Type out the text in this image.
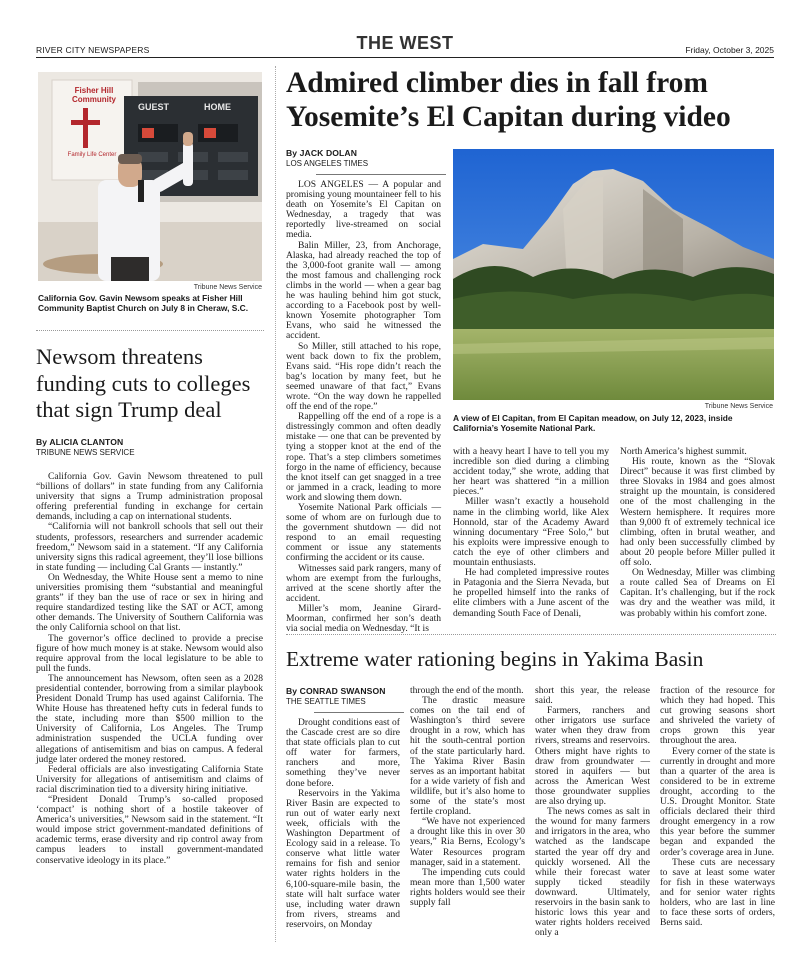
RIVER CITY NEWSPAPERS	THE WEST	Friday, October 3, 2025
Fisher Hill Community
Family Life Center
GUEST	HOME
Tribune News Service
California Gov. Gavin Newsom speaks at Fisher Hill Community Baptist Church on July 8 in Cheraw, S.C.
Newsom threatens funding cuts to colleges that sign Trump deal
By ALICIA CLANTON
TRIBUNE NEWS SERVICE

California Gov. Gavin Newsom threatened to pull “billions of dollars” in state funding from any California university that signs a Trump administration proposal offering preferential funding in exchange for certain demands, including a cap on international students.

“California will not bankroll schools that sell out their students, professors, researchers and surrender academic freedom,” Newsom said in a statement. “If any California university signs this radical agreement, they’ll lose billions in state funding — including Cal Grants — instantly.”

On Wednesday, the White House sent a memo to nine universities promising them “substantial and meaningful grants” if they ban the use of race or sex in hiring and require standardized testing like the SAT or ACT, among other demands. The University of Southern California was the only California school on that list.

The governor’s office declined to provide a precise figure of how much money is at stake. Newsom would also require approval from the local legislature to be able to pull the funds.

The announcement has Newsom, often seen as a 2028 presidential contender, borrowing from a similar playbook President Donald Trump has used against California. The White House has threatened hefty cuts in federal funds to the state, including more than $500 million to the University of California, Los Angeles. The Trump administration suspended the UCLA funding over allegations of antisemitism and bias on campus. A federal judge later ordered the money restored.

Federal officials are also investigating California State University for allegations of antisemitism and claims of racial discrimination tied to a diversity hiring initiative.

“President Donald Trump’s so-called proposed ‘compact’ is nothing short of a hostile takeover of America’s universities,” Newsom said in the statement. “It would impose strict government-mandated definitions of academic terms, erase diversity and rip control away from campus leaders to install government-mandated conservative ideology in its place.”

Admired climber dies in fall from Yosemite’s El Capitan during video
By JACK DOLAN
LOS ANGELES TIMES

LOS ANGELES — A popular and promising young mountaineer fell to his death on Yosemite’s El Capitan on Wednesday, a tragedy that was reportedly live-streamed on social media.

Balin Miller, 23, from Anchorage, Alaska, had already reached the top of the 3,000-foot granite wall — among the most famous and challenging rock climbs in the world — when a gear bag he was hauling behind him got stuck, according to a Facebook post by well-known Yosemite photographer Tom Evans, who said he witnessed the accident.

So Miller, still attached to his rope, went back down to fix the problem, Evans said. “His rope didn’t reach the bag’s location by many feet, but he seemed unaware of that fact,” Evans wrote. “On the way down he rappelled off the end of the rope.”

Rappelling off the end of a rope is a distressingly common and often deadly mistake — one that can be prevented by tying a stopper knot at the end of the rope. That’s a step climbers sometimes forgo in the name of efficiency, because the knot itself can get snagged in a tree or jammed in a crack, leading to more work and slowing them down.

Yosemite National Park officials — some of whom are on furlough due to the government shutdown — did not respond to an email requesting comment or issue any statements confirming the accident or its cause.

Witnesses said park rangers, many of whom are exempt from the furloughs, arrived at the scene shortly after the accident.

Miller’s mom, Jeanine Girard-Moorman, confirmed her son’s death via social media on Wednesday. “It is

Tribune News Service
A view of El Capitan, from El Capitan meadow, on July 12, 2023, inside California’s Yosemite National Park.

with a heavy heart I have to tell you my incredible son died during a climbing accident today,” she wrote, adding that her heart was shattered “in a million pieces.”

Miller wasn’t exactly a household name in the climbing world, like Alex Honnold, star of the Academy Award winning documentary “Free Solo,” but his exploits were impressive enough to catch the eye of other climbers and mountain enthusiasts.

He had completed impressive routes in Patagonia and the Sierra Nevada, but he propelled himself into the ranks of elite climbers with a June ascent of the demanding South Face of Denali,

North America’s highest summit.

His route, known as the “Slovak Direct” because it was first climbed by three Slovaks in 1984 and goes almost straight up the mountain, is considered one of the most challenging in the Western hemisphere. It requires more than 9,000 ft of extremely technical ice climbing, often in brutal weather, and had only been successfully climbed by about 20 people before Miller pulled it off solo.

On Wednesday, Miller was climbing a route called Sea of Dreams on El Capitan. It’s challenging, but if the rock was dry and the weather was mild, it was probably within his comfort zone.

Extreme water rationing begins in Yakima Basin
By CONRAD SWANSON
THE SEATTLE TIMES

Drought conditions east of the Cascade crest are so dire that state officials plan to cut off water for farmers, ranchers and more, something they’ve never done before.

Reservoirs in the Yakima River Basin are expected to run out of water early next week, officials with the Washington Department of Ecology said in a release. To conserve what little water remains for fish and senior water rights holders in the 6,100-square-mile basin, the state will halt surface water use, including water drawn from rivers, streams and reservoirs, on Monday

through the end of the month.

The drastic measure comes on the tail end of Washington’s third severe drought in a row, which has hit the south-central portion of the state particularly hard. The Yakima River Basin serves as an important habitat for a wide variety of fish and wildlife, but it’s also home to some of the state’s most fertile cropland.

“We have not experienced a drought like this in over 30 years,” Ria Berns, Ecology’s Water Resources program manager, said in a statement.

The impending cuts could mean more than 1,500 water rights holders would see their supply fall

short this year, the release said.

Farmers, ranchers and other irrigators use surface water when they draw from rivers, streams and reservoirs. Others might have rights to draw from groundwater — stored in aquifers — but across the American West those groundwater supplies are also drying up.

The news comes as salt in the wound for many farmers and irrigators in the area, who watched as the landscape started the year off dry and quickly worsened. All the while their forecast water supply ticked steadily downward. Ultimately, reservoirs in the basin sank to historic lows this year and water rights holders received only a

fraction of the resource for which they had hoped. This cut growing seasons short and shriveled the variety of crops grown this year throughout the area.

Every corner of the state is currently in drought and more than a quarter of the area is considered to be in extreme drought, according to the U.S. Drought Monitor. State officials declared their third drought emergency in a row this year before the summer began and expanded the order’s coverage area in June.

These cuts are necessary to save at least some water for fish in these waterways and for senior water rights holders, who are last in line to face these sorts of orders, Berns said.
